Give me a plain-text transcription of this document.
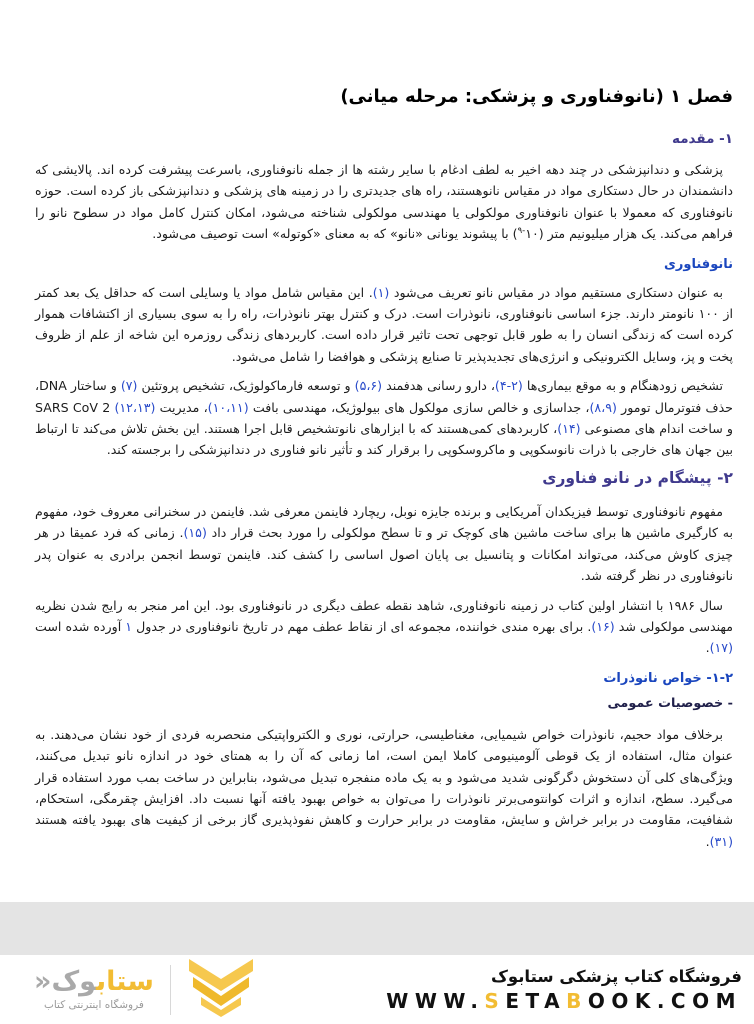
فصل ۱ (نانوفناوری و پزشکی: مرحله میانی)
۱- مقدمه

پزشکی و دندانپزشکی در چند دهه اخیر به لطف ادغام با سایر رشته ها از جمله نانوفناوری، باسرعت پیشرفت کرده اند. پالایشی که دانشمندان در حال دستکاری مواد در مقیاس نانوهستند، راه های جدیدتری را در زمینه های پزشکی و دندانپزشکی باز کرده است. حوزه نانوفناوری که معمولا با عنوان نانوفناوری مولکولی یا مهندسی مولکولی شناخته می‌شود، امکان کنترل کامل مواد در سطوح نانو را فراهم می‌کند. یک هزار میلیونیم متر $(۱۰^{-۹})$ با پیشوند یونانی «نانو» که به معنای «کوتوله» است توصیف می‌شود.

نانوفناوری

به عنوان دستکاری مستقیم مواد در مقیاس نانو تعریف می‌شود (۱). این مقیاس شامل مواد یا وسایلی است که حداقل یک بعد کمتر از ۱۰۰ نانومتر دارند. جزء اساسی نانوفناوری، نانوذرات است. درک و کنترل بهتر نانوذرات، راه را به سوی بسیاری از اکتشافات هموار کرده است که زندگی انسان را به طور قابل توجهی تحت تاثیر قرار داده است. کاربردهای زندگی روزمره این شاخه از علم از ظروف پخت و پز، وسایل الکترونیکی و انرژی‌های تجدیدپذیر تا صنایع پزشکی و هوافضا را شامل می‌شود.

تشخیص زودهنگام و به موقع بیماری‌ها (۲-۴)، دارو رسانی هدفمند (۵،۶) و توسعه فارماکولوژیک، تشخیص پروتئین (۷) و ساختار DNA، حذف فتوترمال تومور (۸،۹)، جداسازی و خالص سازی مولکول های بیولوژیک، مهندسی بافت (۱۰،۱۱)، مدیریت SARS CoV 2 (۱۲،۱۳) و ساخت اندام های مصنوعی (۱۴)، کاربردهای کمی‌هستند که با ابزارهای نانوتشخیص قابل اجرا هستند. این بخش تلاش می‌کند تا ارتباط بین جهان های خارجی با ذرات نانوسکوپی و ماکروسکوپی را برقرار کند و تأثیر نانو فناوری در دندانپزشکی را برجسته کند.

۲- پیشگام در نانو فناوری

مفهوم نانوفناوری توسط فیزیکدان آمریکایی و برنده جایزه نوبل، ریچارد فاینمن معرفی شد. فاینمن در سخنرانی معروف خود، مفهوم به کارگیری ماشین ها برای ساخت ماشین های کوچک تر و تا سطح مولکولی را مورد بحث قرار داد (۱۵). زمانی که فرد عمیقا در هر چیزی کاوش می‌کند، می‌تواند امکانات و پتانسیل بی پایان اصول اساسی را کشف کند. فاینمن توسط انجمن برادری به عنوان پدر نانوفناوری در نظر گرفته شد.

سال ۱۹۸۶ با انتشار اولین کتاب در زمینه نانوفناوری، شاهد نقطه عطف دیگری در نانوفناوری بود. این امر منجر به رایج شدن نظریه مهندسی مولکولی شد (۱۶). برای بهره مندی خواننده، مجموعه ای از نقاط عطف مهم در تاریخ نانوفناوری در جدول ۱ آورده شده است (۱۷).

۱-۲- خواص نانوذرات
- خصوصیات عمومی

برخلاف مواد حجیم، نانوذرات خواص شیمیایی، مغناطیسی، حرارتی، نوری و الکترواپتیکی منحصربه فردی از خود نشان می‌دهند. به عنوان مثال، استفاده از یک قوطی آلومینیومی کاملا ایمن است، اما زمانی که آن را به همتای خود در اندازه نانو تبدیل می‌کنند، ویژگی‌های کلی آن دستخوش دگرگونی شدید می‌شود و به یک ماده منفجره تبدیل می‌شود، بنابراین در ساخت بمب مورد استفاده قرار می‌گیرد. سطح، اندازه و اثرات کوانتومی‌برتر نانوذرات را می‌توان به خواص بهبود یافته آنها نسبت داد. افزایش چقرمگی، استحکام، شفافیت، مقاومت در برابر خراش و سایش، مقاومت در برابر حرارت و کاهش نفوذپذیری گاز برخی از کیفیت های بهبود یافته هستند (۳۱).

ستابوک«
فروشگاه اینترنتی کتاب
فروشگاه کتاب پزشکی ستابوک
WWW.SETABOOK.COM
